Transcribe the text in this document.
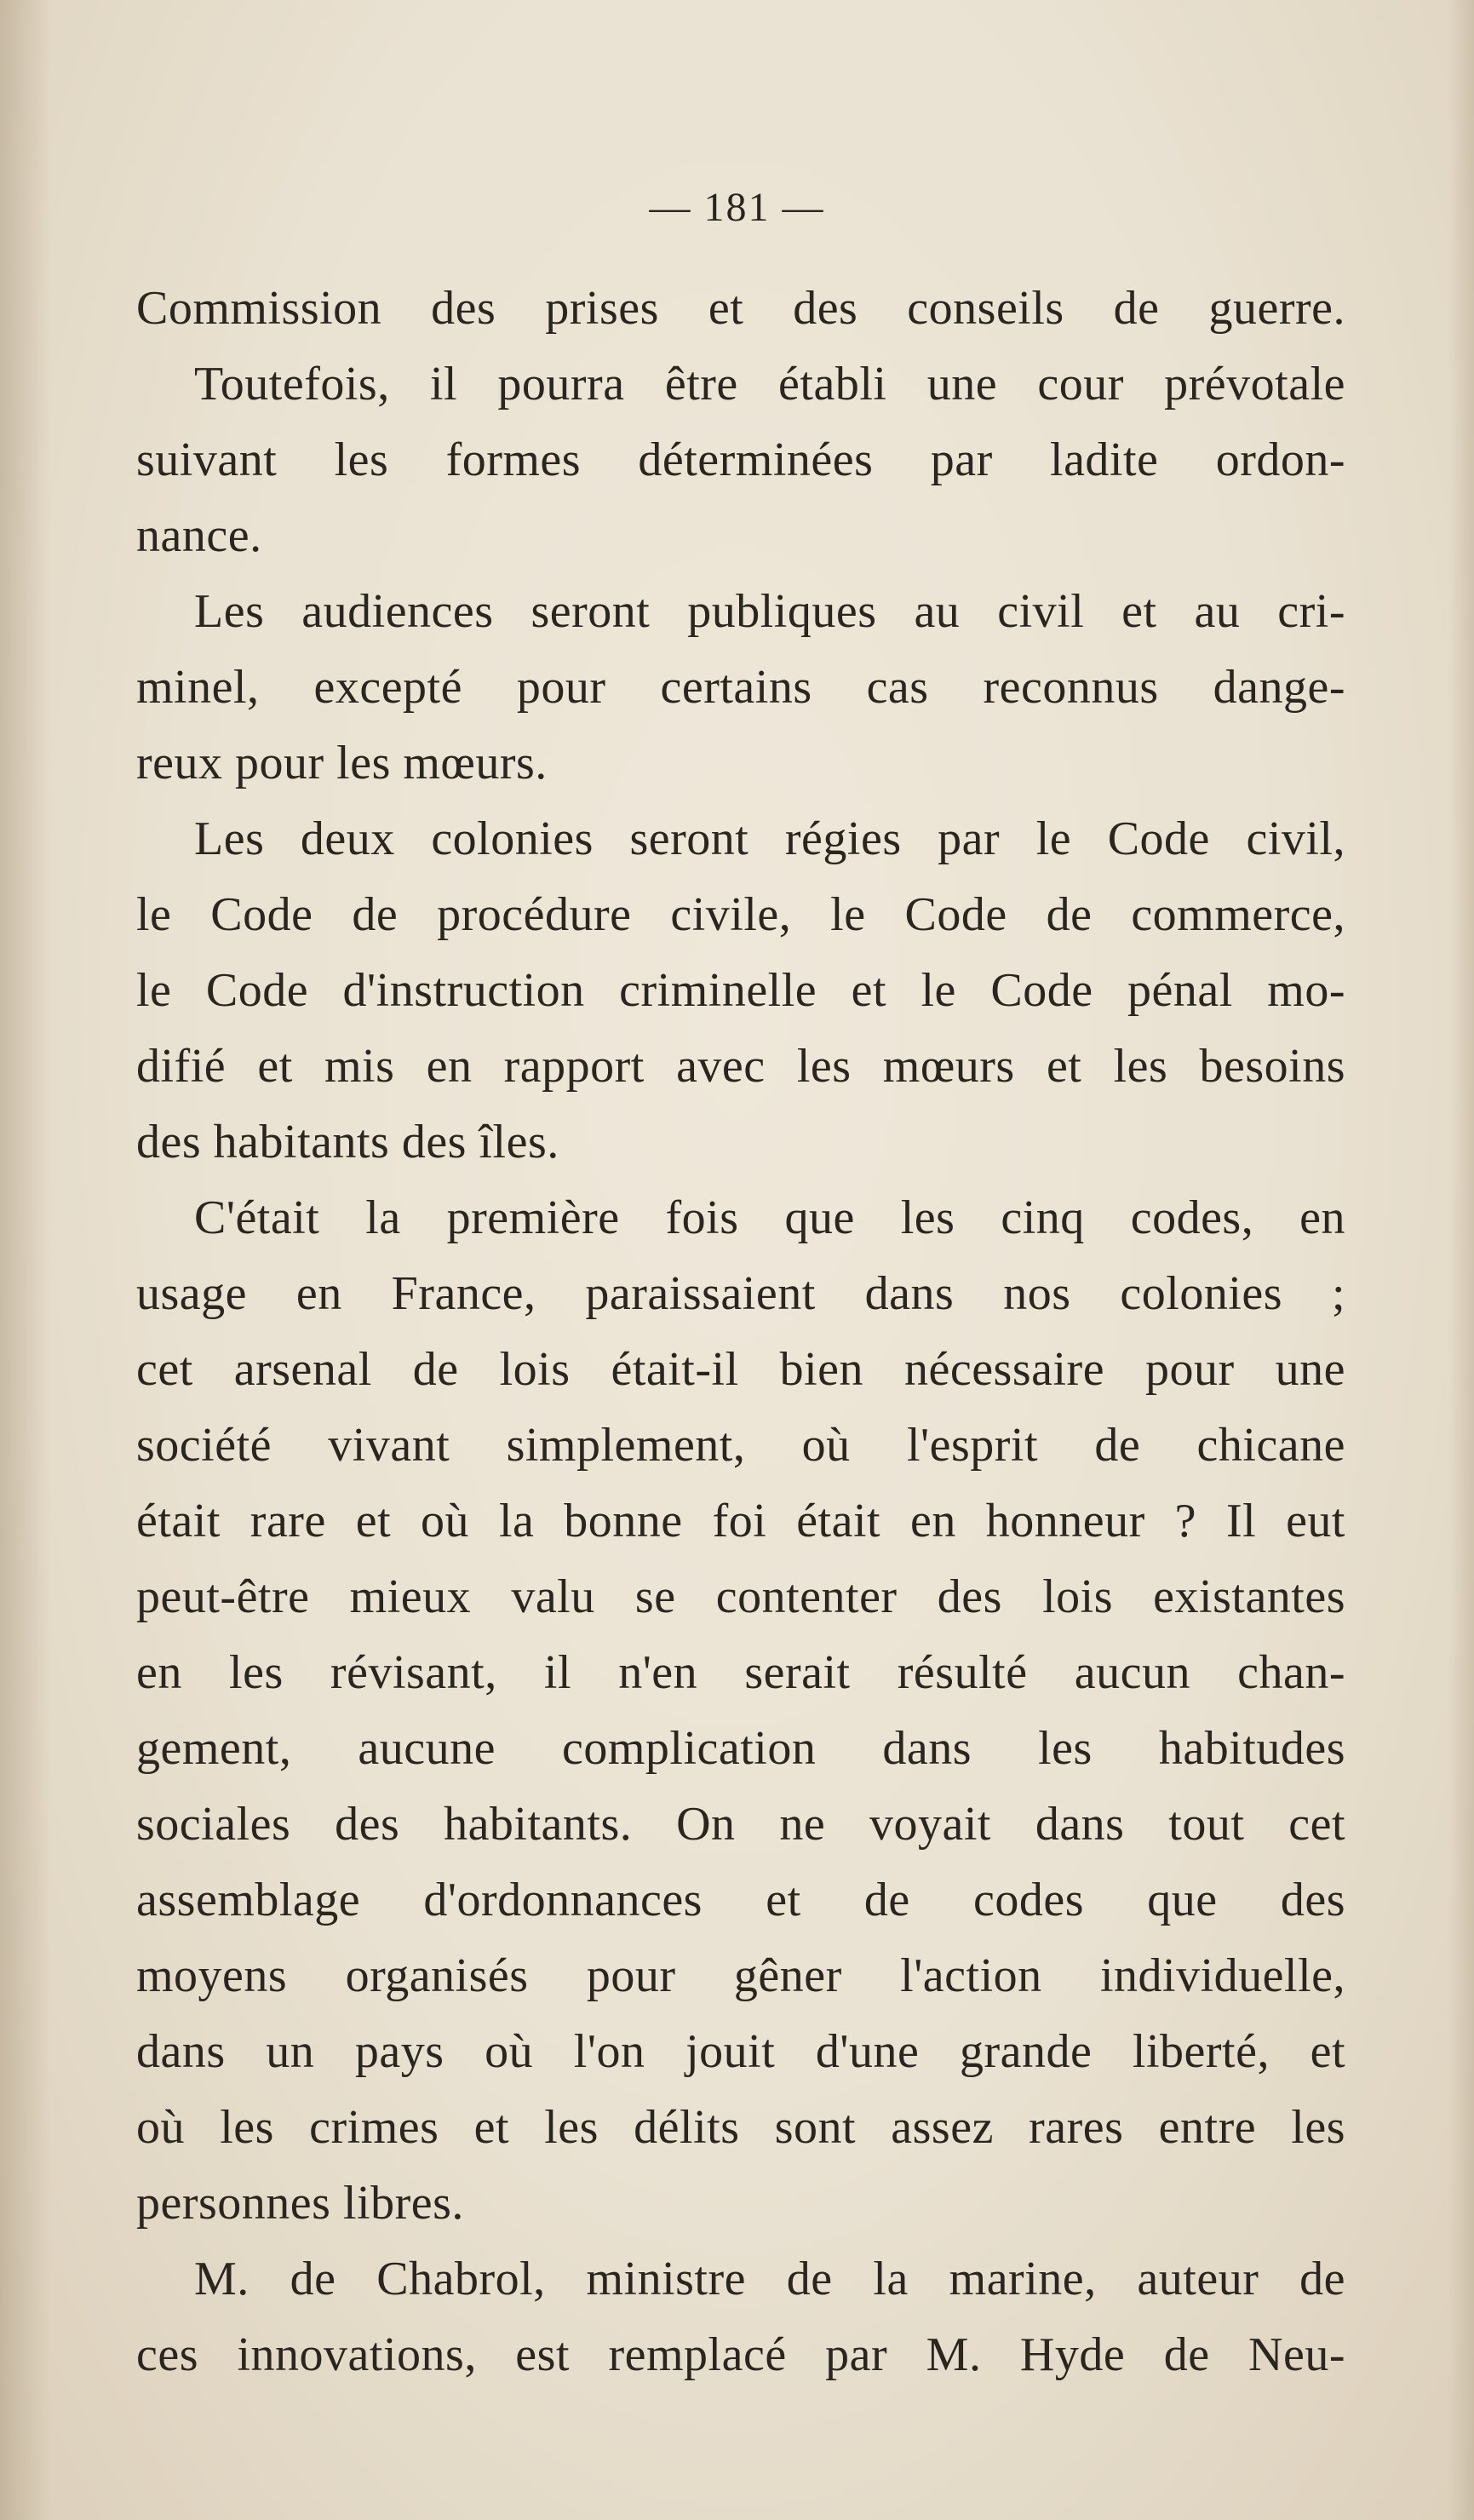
— 181 —
Commission des prises et des conseils de guerre.
Toutefois, il pourra être établi une cour prévotale
suivant les formes déterminées par ladite ordon-
nance.
Les audiences seront publiques au civil et au cri-
minel, excepté pour certains cas reconnus dange-
reux pour les mœurs.
Les deux colonies seront régies par le Code civil,
le Code de procédure civile, le Code de commerce,
le Code d'instruction criminelle et le Code pénal mo-
difié et mis en rapport avec les mœurs et les besoins
des habitants des îles.
C'était la première fois que les cinq codes, en
usage en France, paraissaient dans nos colonies ;
cet arsenal de lois était-il bien nécessaire pour une
société vivant simplement, où l'esprit de chicane
était rare et où la bonne foi était en honneur ? Il eut
peut-être mieux valu se contenter des lois existantes
en les révisant, il n'en serait résulté aucun chan-
gement, aucune complication dans les habitudes
sociales des habitants. On ne voyait dans tout cet
assemblage d'ordonnances et de codes que des
moyens organisés pour gêner l'action individuelle,
dans un pays où l'on jouit d'une grande liberté, et
où les crimes et les délits sont assez rares entre les
personnes libres.
M. de Chabrol, ministre de la marine, auteur de
ces innovations, est remplacé par M. Hyde de Neu-
